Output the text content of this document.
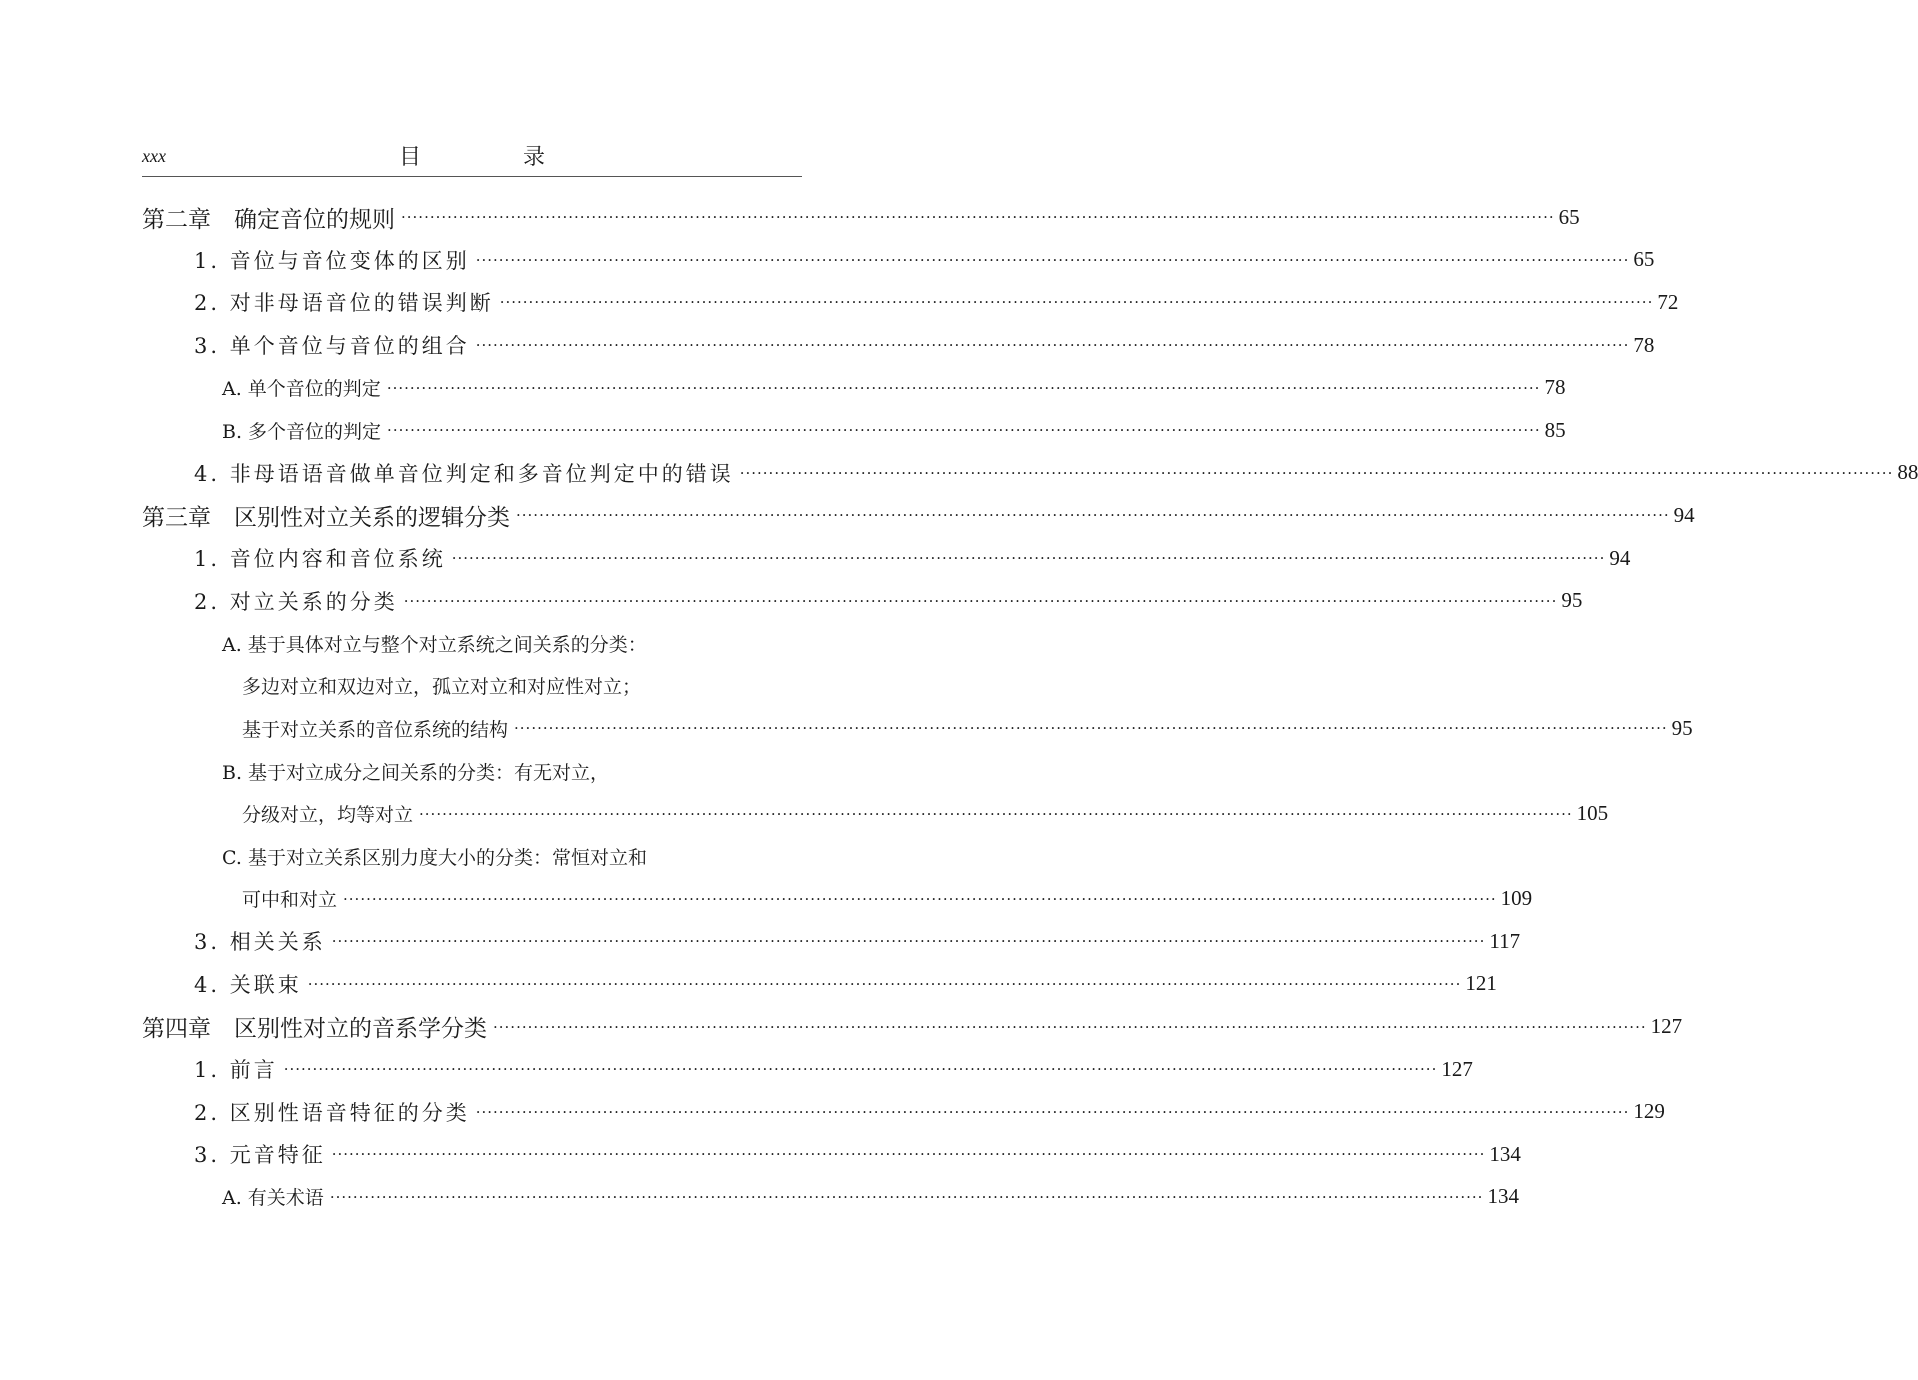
xxx	目　录
第二章　确定音位的规则 ········································································································································································································ 65
1. 音位与音位变体的区别 ········································································································································································································ 65
2. 对非母语音位的错误判断 ········································································································································································································ 72
3. 单个音位与音位的组合 ········································································································································································································ 78
A. 单个音位的判定 ········································································································································································································ 78
B. 多个音位的判定 ········································································································································································································ 85
4. 非母语语音做单音位判定和多音位判定中的错误 ········································································································································································································ 88
第三章　区别性对立关系的逻辑分类 ········································································································································································································ 94
1. 音位内容和音位系统 ········································································································································································································ 94
2. 对立关系的分类 ········································································································································································································ 95
A. 基于具体对立与整个对立系统之间关系的分类：
多边对立和双边对立，孤立对立和对应性对立；
基于对立关系的音位系统的结构 ········································································································································································································ 95
B. 基于对立成分之间关系的分类：有无对立，
分级对立，均等对立 ········································································································································································································ 105
C. 基于对立关系区别力度大小的分类：常恒对立和
可中和对立 ········································································································································································································ 109
3. 相关关系 ········································································································································································································ 117
4. 关联束 ········································································································································································································ 121
第四章　区别性对立的音系学分类 ········································································································································································································ 127
1. 前言 ········································································································································································································ 127
2. 区别性语音特征的分类 ········································································································································································································ 129
3. 元音特征 ········································································································································································································ 134
A. 有关术语 ········································································································································································································ 134
